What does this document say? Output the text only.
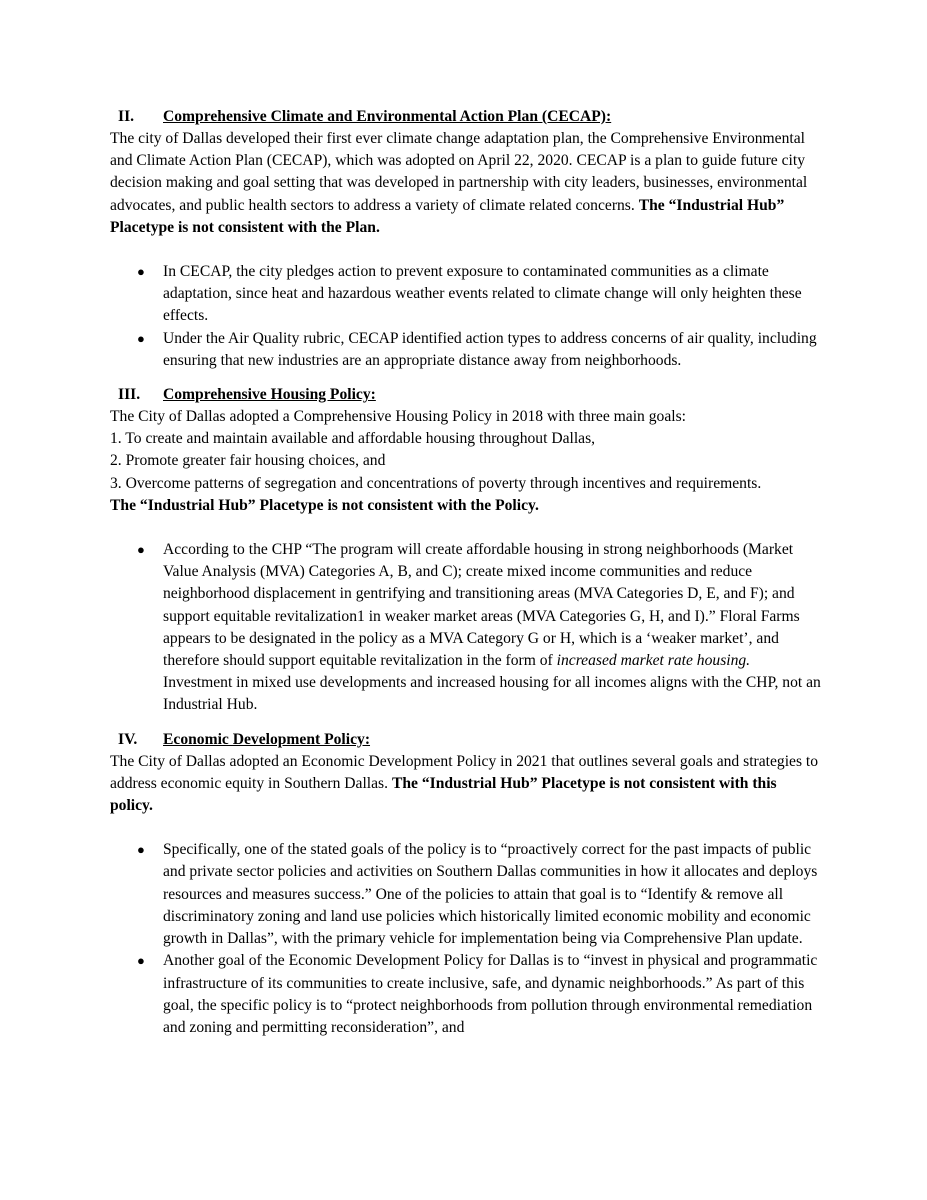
II. Comprehensive Climate and Environmental Action Plan (CECAP):

The city of Dallas developed their first ever climate change adaptation plan, the Comprehensive Environmental and Climate Action Plan (CECAP), which was adopted on April 22, 2020. CECAP is a plan to guide future city decision making and goal setting that was developed in partnership with city leaders, businesses, environmental advocates, and public health sectors to address a variety of climate related concerns. The “Industrial Hub” Placetype is not consistent with the Plan.

● In CECAP, the city pledges action to prevent exposure to contaminated communities as a climate adaptation, since heat and hazardous weather events related to climate change will only heighten these effects.
● Under the Air Quality rubric, CECAP identified action types to address concerns of air quality, including ensuring that new industries are an appropriate distance away from neighborhoods.
III. Comprehensive Housing Policy:

The City of Dallas adopted a Comprehensive Housing Policy in 2018 with three main goals:

1. To create and maintain available and affordable housing throughout Dallas,

2. Promote greater fair housing choices, and

3. Overcome patterns of segregation and concentrations of poverty through incentives and requirements.

The “Industrial Hub” Placetype is not consistent with the Policy.

● According to the CHP “The program will create affordable housing in strong neighborhoods (Market Value Analysis (MVA) Categories A, B, and C); create mixed income communities and reduce neighborhood displacement in gentrifying and transitioning areas (MVA Categories D, E, and F); and support equitable revitalization1 in weaker market areas (MVA Categories G, H, and I).” Floral Farms appears to be designated in the policy as a MVA Category G or H, which is a ‘weaker market’, and therefore should support equitable revitalization in the form of increased market rate housing. Investment in mixed use developments and increased housing for all incomes aligns with the CHP, not an Industrial Hub.
IV. Economic Development Policy:

The City of Dallas adopted an Economic Development Policy in 2021 that outlines several goals and strategies to address economic equity in Southern Dallas. The “Industrial Hub” Placetype is not consistent with this policy.

● Specifically, one of the stated goals of the policy is to “proactively correct for the past impacts of public and private sector policies and activities on Southern Dallas communities in how it allocates and deploys resources and measures success.” One of the policies to attain that goal is to “Identify & remove all discriminatory zoning and land use policies which historically limited economic mobility and economic growth in Dallas”, with the primary vehicle for implementation being via Comprehensive Plan update.
● Another goal of the Economic Development Policy for Dallas is to “invest in physical and programmatic infrastructure of its communities to create inclusive, safe, and dynamic neighborhoods.” As part of this goal, the specific policy is to “protect neighborhoods from pollution through environmental remediation and zoning and permitting reconsideration”, and
